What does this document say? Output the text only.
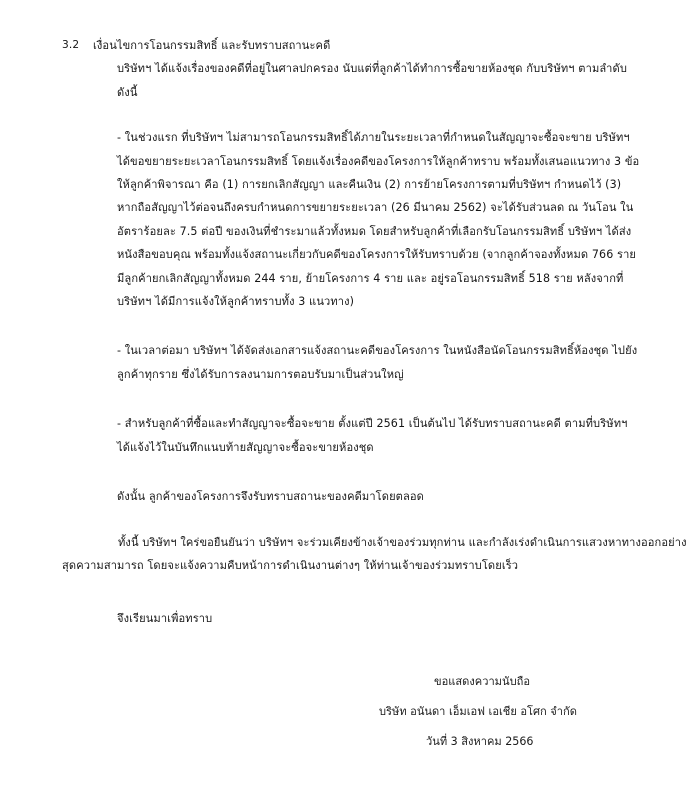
3.2	เงื่อนไขการโอนกรรมสิทธิ์ และรับทราบสถานะคดี
บริษัทฯ ได้แจ้งเรื่องของคดีที่อยู่ในศาลปกครอง นับแต่ที่ลูกค้าได้ทำการซื้อขายห้องชุด กับบริษัทฯ ตามลำดับ
ดังนี้
- ในช่วงแรก ที่บริษัทฯ ไม่สามารถโอนกรรมสิทธิ์ได้ภายในระยะเวลาที่กำหนดในสัญญาจะซื้อจะขาย บริษัทฯ
ได้ขอขยายระยะเวลาโอนกรรมสิทธิ์ โดยแจ้งเรื่องคดีของโครงการให้ลูกค้าทราบ พร้อมทั้งเสนอแนวทาง 3 ข้อ
ให้ลูกค้าพิจารณา คือ (1) การยกเลิกสัญญา และคืนเงิน (2) การย้ายโครงการตามที่บริษัทฯ กำหนดไว้ (3)
หากถือสัญญาไว้ต่อจนถึงครบกำหนดการขยายระยะเวลา (26 มีนาคม 2562) จะได้รับส่วนลด ณ วันโอน ใน
อัตราร้อยละ 7.5 ต่อปี ของเงินที่ชำระมาแล้วทั้งหมด โดยสำหรับลูกค้าที่เลือกรับโอนกรรมสิทธิ์ บริษัทฯ ได้ส่ง
หนังสือขอบคุณ พร้อมทั้งแจ้งสถานะเกี่ยวกับคดีของโครงการให้รับทราบด้วย (จากลูกค้าจองทั้งหมด 766 ราย
มีลูกค้ายกเลิกสัญญาทั้งหมด 244 ราย, ย้ายโครงการ 4 ราย และ อยู่รอโอนกรรมสิทธิ์ 518 ราย หลังจากที่
บริษัทฯ ได้มีการแจ้งให้ลูกค้าทราบทั้ง 3 แนวทาง)
- ในเวลาต่อมา บริษัทฯ ได้จัดส่งเอกสารแจ้งสถานะคดีของโครงการ ในหนังสือนัดโอนกรรมสิทธิ์ห้องชุด ไปยัง
ลูกค้าทุกราย ซึ่งได้รับการลงนามการตอบรับมาเป็นส่วนใหญ่
- สำหรับลูกค้าที่ซื้อและทำสัญญาจะซื้อจะขาย ตั้งแต่ปี 2561 เป็นต้นไป ได้รับทราบสถานะคดี ตามที่บริษัทฯ
ได้แจ้งไว้ในบันทึกแนบท้ายสัญญาจะซื้อจะขายห้องชุด
ดังนั้น ลูกค้าของโครงการจึงรับทราบสถานะของคดีมาโดยตลอด
ทั้งนี้ บริษัทฯ ใคร่ขอยืนยันว่า บริษัทฯ จะร่วมเคียงข้างเจ้าของร่วมทุกท่าน และกำลังเร่งดำเนินการแสวงหาทางออกอย่าง
สุดความสามารถ โดยจะแจ้งความคืบหน้าการดำเนินงานต่างๆ ให้ท่านเจ้าของร่วมทราบโดยเร็ว
จึงเรียนมาเพื่อทราบ
ขอแสดงความนับถือ
บริษัท อนันดา เอ็มเอฟ เอเชีย อโศก จำกัด
วันที่ 3 สิงหาคม 2566
